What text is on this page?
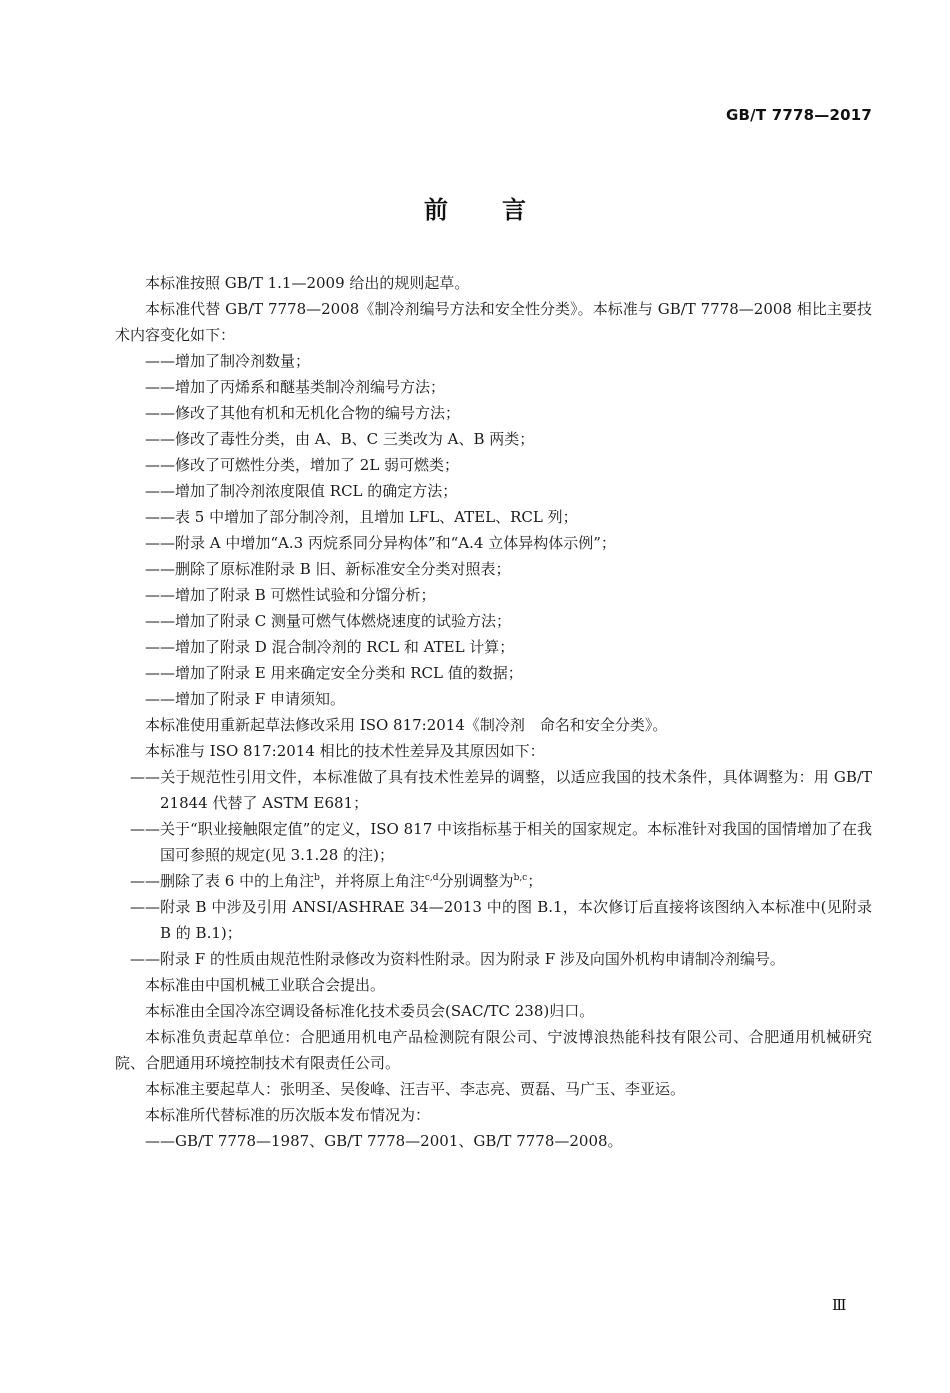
GB/T 7778—2017
前言

本标准按照 GB/T 1.1—2009 给出的规则起草。

本标准代替 GB/T 7778—2008《制冷剂编号方法和安全性分类》。本标准与 GB/T 7778—2008 相比主要技术内容变化如下：

——增加了制冷剂数量；

——增加了丙烯系和醚基类制冷剂编号方法；

——修改了其他有机和无机化合物的编号方法；

——修改了毒性分类，由 A、B、C 三类改为 A、B 两类；

——修改了可燃性分类，增加了 2L 弱可燃类；

——增加了制冷剂浓度限值 RCL 的确定方法；

——表 5 中增加了部分制冷剂，且增加 LFL、ATEL、RCL 列；

——附录 A 中增加“A.3 丙烷系同分异构体”和“A.4 立体异构体示例”；

——删除了原标准附录 B 旧、新标准安全分类对照表；

——增加了附录 B 可燃性试验和分馏分析；

——增加了附录 C 测量可燃气体燃烧速度的试验方法；

——增加了附录 D 混合制冷剂的 RCL 和 ATEL 计算；

——增加了附录 E 用来确定安全分类和 RCL 值的数据；

——增加了附录 F 申请须知。

本标准使用重新起草法修改采用 ISO 817:2014《制冷剂　命名和安全分类》。

本标准与 ISO 817:2014 相比的技术性差异及其原因如下：

——关于规范性引用文件，本标准做了具有技术性差异的调整，以适应我国的技术条件，具体调整为：用 GB/T 21844 代替了 ASTM E681；

——关于“职业接触限定值”的定义，ISO 817 中该指标基于相关的国家规定。本标准针对我国的国情增加了在我国可参照的规定(见 3.1.28 的注)；

——删除了表 6 中的上角注$^b$，并将原上角注$^{c,d}$分别调整为$^{b,c}$；

——附录 B 中涉及引用 ANSI/ASHRAE 34—2013 中的图 B.1，本次修订后直接将该图纳入本标准中(见附录 B 的 B.1)；

——附录 F 的性质由规范性附录修改为资料性附录。因为附录 F 涉及向国外机构申请制冷剂编号。

本标准由中国机械工业联合会提出。

本标准由全国冷冻空调设备标准化技术委员会(SAC/TC 238)归口。

本标准负责起草单位：合肥通用机电产品检测院有限公司、宁波博浪热能科技有限公司、合肥通用机械研究院、合肥通用环境控制技术有限责任公司。

本标准主要起草人：张明圣、吴俊峰、汪吉平、李志亮、贾磊、马广玉、李亚运。

本标准所代替标准的历次版本发布情况为：

——GB/T 7778—1987、GB/T 7778—2001、GB/T 7778—2008。

Ⅲ
